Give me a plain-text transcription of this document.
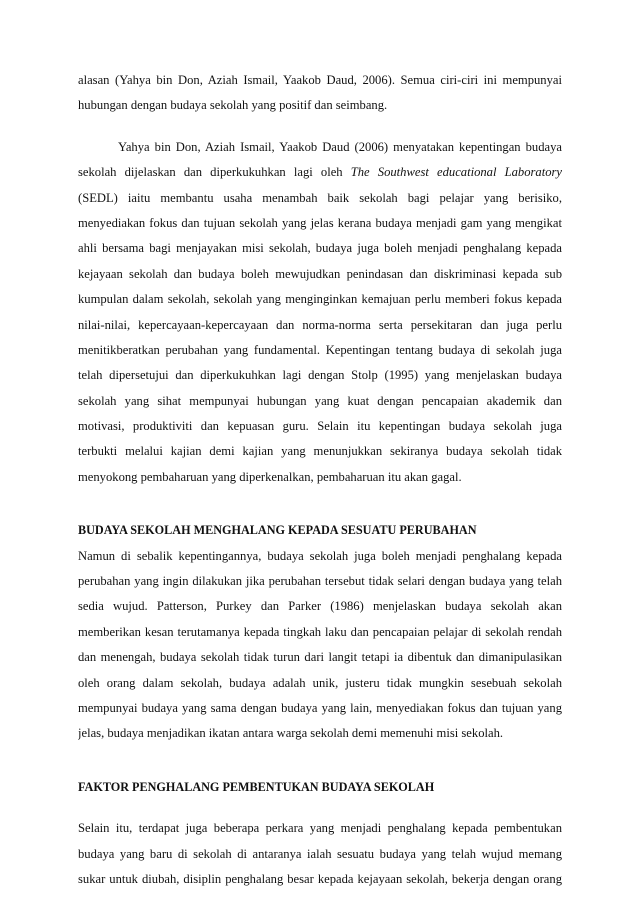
alasan (Yahya bin Don, Aziah Ismail, Yaakob Daud, 2006). Semua ciri-ciri ini mempunyai
hubungan dengan budaya sekolah yang positif dan seimbang.
Yahya bin Don, Aziah Ismail, Yaakob Daud (2006) menyatakan kepentingan budaya
sekolah dijelaskan dan diperkukuhkan lagi oleh The Southwest educational Laboratory
(SEDL) iaitu membantu usaha menambah baik sekolah bagi pelajar yang berisiko,
menyediakan fokus dan tujuan sekolah yang jelas kerana budaya menjadi gam yang mengikat
ahli bersama bagi menjayakan misi sekolah, budaya juga boleh menjadi penghalang kepada
kejayaan sekolah dan budaya boleh mewujudkan penindasan dan diskriminasi kepada sub
kumpulan dalam sekolah, sekolah yang menginginkan kemajuan perlu memberi fokus kepada
nilai-nilai, kepercayaan-kepercayaan dan norma-norma serta persekitaran dan juga perlu
menitikberatkan perubahan yang fundamental. Kepentingan tentang budaya di sekolah juga
telah dipersetujui dan diperkukuhkan lagi dengan Stolp (1995) yang menjelaskan budaya
sekolah yang sihat mempunyai hubungan yang kuat dengan pencapaian akademik dan
motivasi, produktiviti dan kepuasan guru. Selain itu kepentingan budaya sekolah juga
terbukti melalui kajian demi kajian yang menunjukkan sekiranya budaya sekolah tidak
menyokong pembaharuan yang diperkenalkan, pembaharuan itu akan gagal.
BUDAYA SEKOLAH MENGHALANG KEPADA SESUATU PERUBAHAN
Namun di sebalik kepentingannya, budaya sekolah juga boleh menjadi penghalang kepada
perubahan yang ingin dilakukan jika perubahan tersebut tidak selari dengan budaya yang telah
sedia wujud. Patterson, Purkey dan Parker (1986) menjelaskan budaya sekolah akan
memberikan kesan terutamanya kepada tingkah laku dan pencapaian pelajar di sekolah rendah
dan menengah, budaya sekolah tidak turun dari langit tetapi ia dibentuk dan dimanipulasikan
oleh orang dalam sekolah, budaya adalah unik, justeru tidak mungkin sesebuah sekolah
mempunyai budaya yang sama dengan budaya yang lain, menyediakan fokus dan tujuan yang
jelas, budaya menjadikan ikatan antara warga sekolah demi memenuhi misi sekolah.
FAKTOR PENGHALANG PEMBENTUKAN BUDAYA SEKOLAH
Selain itu, terdapat juga beberapa perkara yang menjadi penghalang kepada pembentukan
budaya yang baru di sekolah di antaranya ialah sesuatu budaya yang telah wujud memang
sukar untuk diubah, disiplin penghalang besar kepada kejayaan sekolah, bekerja dengan orang
